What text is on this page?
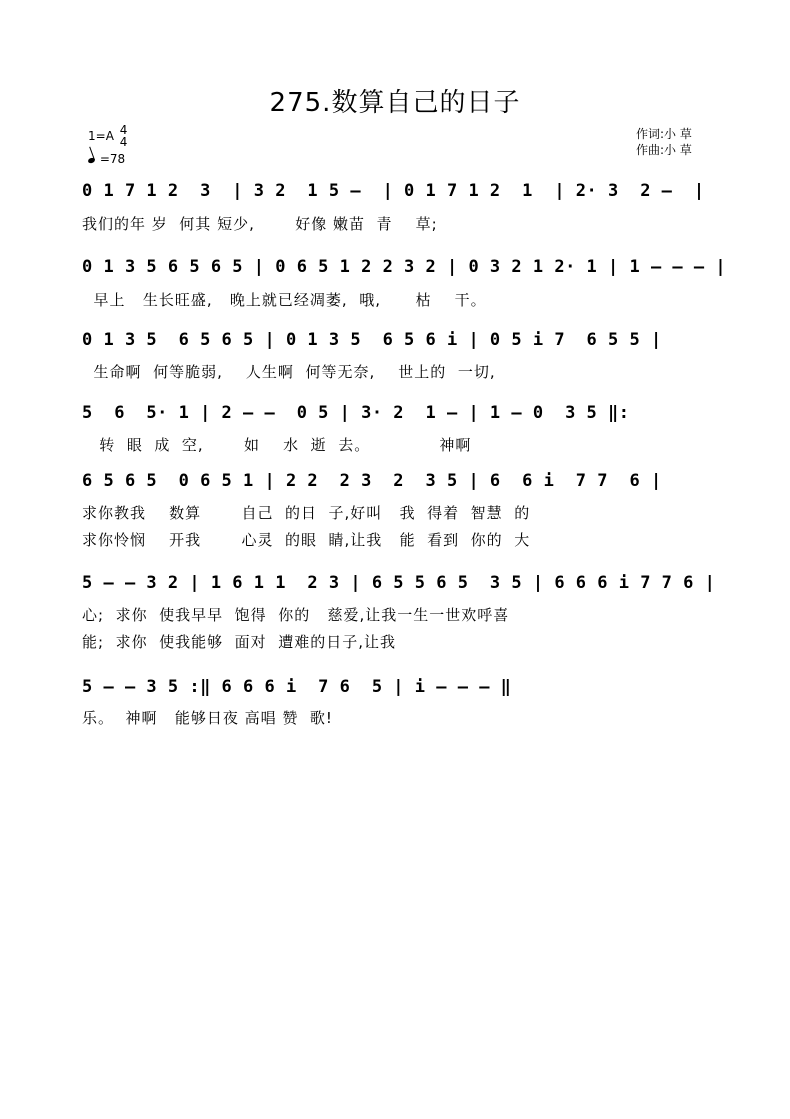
275.数算自己的日子
1=A 4
4
=78
作词:小 草
作曲:小 草
0 1 7 1 2  3  | 3 2  1 5 –  | 0 1 7 1 2  1  | 2· 3  2 –  |
我们的年 岁  何其 短少,       好像 嫩苗  青    草;
0 1 3 5 6 5 6 5 | 0 6 5 1 2 2 3 2 | 0 3 2 1 2· 1 | 1 – – – |
早上   生长旺盛,   晚上就已经凋萎,  哦,      枯    干。
0 1 3 5  6 5 6 5 | 0 1 3 5  6 5 6 i | 0 5 i 7  6 5 5 |
生命啊  何等脆弱,    人生啊  何等无奈,    世上的  一切,
5  6  5· 1 | 2 – –  0 5 | 3· 2  1 – | 1 – 0  3 5 ‖:
转  眼  成  空,       如    水  逝  去。            神啊
6 5 6 5  0 6 5 1 | 2 2  2 3  2  3 5 | 6  6 i  7 7  6 |
求你教我    数算       自己  的日  子,好叫   我  得着  智慧  的
求你怜悯    开我       心灵  的眼  睛,让我   能  看到  你的  大
5 – – 3 2 | 1 6 1 1  2 3 | 6 5 5 6 5  3 5 | 6 6 6 i 7 7 6 |
心;  求你  使我早早  饱得  你的   慈爱,让我一生一世欢呼喜
能;  求你  使我能够  面对  遭难的日子,让我
5 – – 3 5 :‖ 6 6 6 i  7 6  5 | i – – – ‖
乐。  神啊   能够日夜 高唱 赞  歌!
